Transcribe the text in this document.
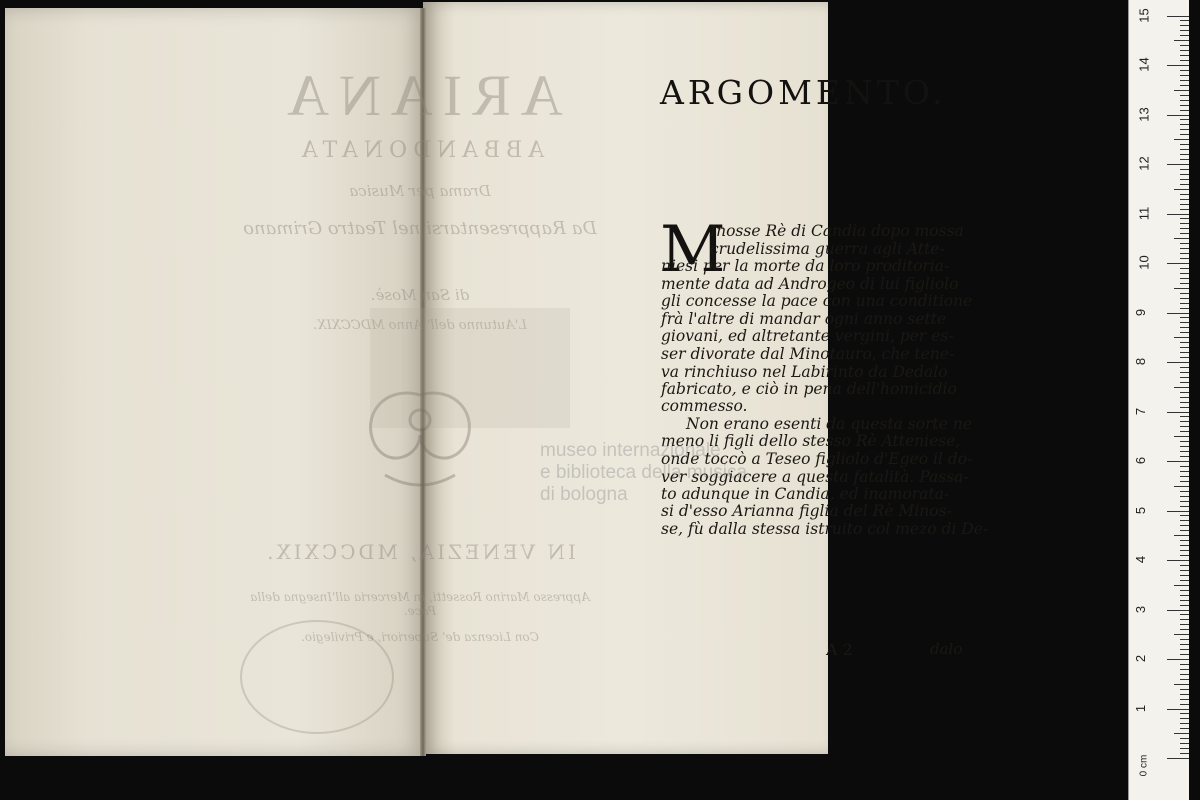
ARIANA
ABBANDONATA
Drama per Musica
Da Rappresentarsi nel Teatro Grimano
di San Mosè.
L'Autunno dell' Anno MDCCXIX.
IN VENEZIA, MDCCXIX.
Appresso Marino Rossetti, in Merceria all'Insegna della Pace.
Con Licenza de' Superiori, e Privilegio.
museo internazionale
e biblioteca della musica
di bologna
ARGOMENTO.
M
Inosse Rè di Candia dopo mossa
crudelissima guerra agli Atte-
niesi per la morte da loro proditoria-
mente data ad Androgeo di lui figliolo
gli concesse la pace con una conditione
frà l'altre di mandar ogni anno sette
giovani, ed altretante vergini, per es-
ser divorate dal Minotauro, che tene-
va rinchiuso nel Labirinto da Dedalo
fabricato, e ciò in pena dell'homicidio
commesso.
Non erano esenti da questa sorte ne
meno li figli dello stesso Rè Atteniese,
onde toccò a Teseo figliolo d'Egeo il do-
ver soggiacere a questa fatalità. Passa-
to adunque in Candia, ed inamorata-
si d'esso Arianna figlia del Rè Minos-
se, fù dalla stessa istruito col mezo di De-
A 2	dalo
1
2
3
4
5
6
7
8
9
10
11
12
13
14
15
0 cm
